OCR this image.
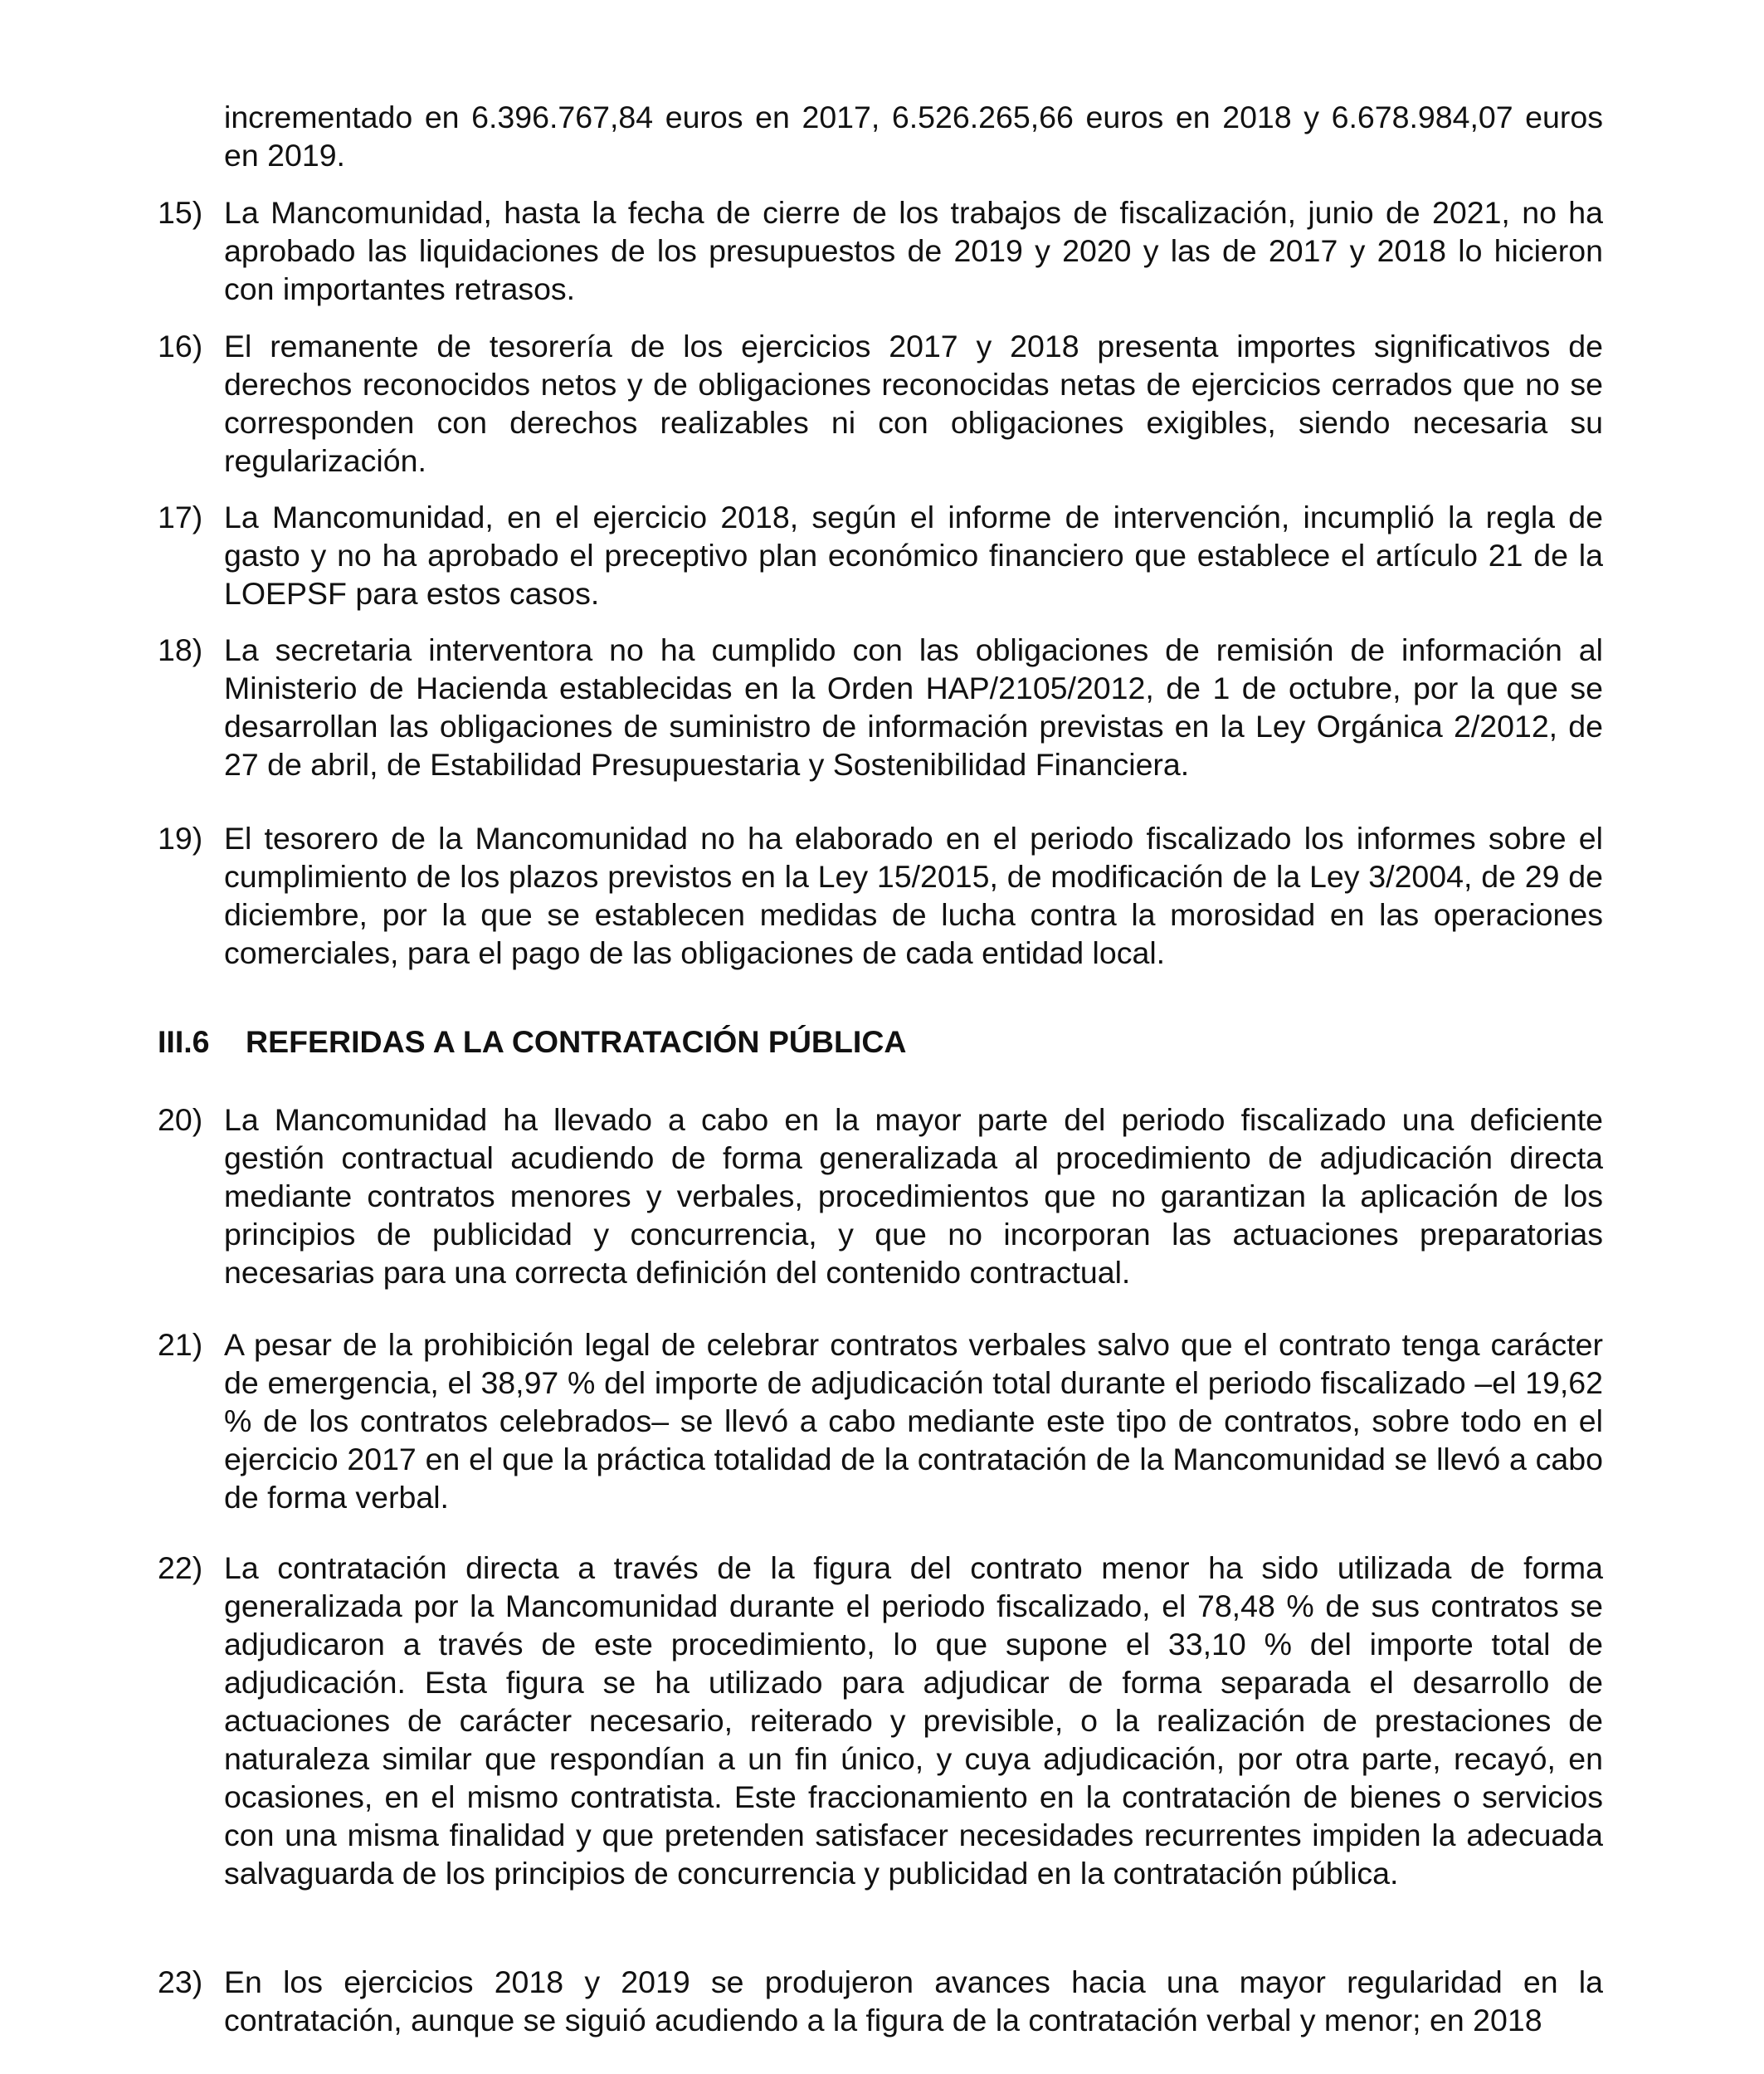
incrementado en 6.396.767,84 euros en 2017, 6.526.265,66 euros en 2018 y 6.678.984,07 euros en 2019.

15) La Mancomunidad, hasta la fecha de cierre de los trabajos de fiscalización, junio de 2021, no ha aprobado las liquidaciones de los presupuestos de 2019 y 2020 y las de 2017 y 2018 lo hicieron con importantes retrasos.

16) El remanente de tesorería de los ejercicios 2017 y 2018 presenta importes significativos de derechos reconocidos netos y de obligaciones reconocidas netas de ejercicios cerrados que no se corresponden con derechos realizables ni con obligaciones exigibles, siendo necesaria su regularización.

17) La Mancomunidad, en el ejercicio 2018, según el informe de intervención, incumplió la regla de gasto y no ha aprobado el preceptivo plan económico financiero que establece el artículo 21 de la LOEPSF para estos casos.

18) La secretaria interventora no ha cumplido con las obligaciones de remisión de información al Ministerio de Hacienda establecidas en la Orden HAP/2105/2012, de 1 de octubre, por la que se desarrollan las obligaciones de suministro de información previstas en la Ley Orgánica 2/2012, de 27 de abril, de Estabilidad Presupuestaria y Sostenibilidad Financiera.

19) El tesorero de la Mancomunidad no ha elaborado en el periodo fiscalizado los informes sobre el cumplimiento de los plazos previstos en la Ley 15/2015, de modificación de la Ley 3/2004, de 29 de diciembre, por la que se establecen medidas de lucha contra la morosidad en las operaciones comerciales, para el pago de las obligaciones de cada entidad local.

III.6 REFERIDAS A LA CONTRATACIÓN PÚBLICA
20) La Mancomunidad ha llevado a cabo en la mayor parte del periodo fiscalizado una deficiente gestión contractual acudiendo de forma generalizada al procedimiento de adjudicación directa mediante contratos menores y verbales, procedimientos que no garantizan la aplicación de los principios de publicidad y concurrencia, y que no incorporan las actuaciones preparatorias necesarias para una correcta definición del contenido contractual.

21) A pesar de la prohibición legal de celebrar contratos verbales salvo que el contrato tenga carácter de emergencia, el 38,97 % del importe de adjudicación total durante el periodo fiscalizado –el 19,62 % de los contratos celebrados– se llevó a cabo mediante este tipo de contratos, sobre todo en el ejercicio 2017 en el que la práctica totalidad de la contratación de la Mancomunidad se llevó a cabo de forma verbal.

22) La contratación directa a través de la figura del contrato menor ha sido utilizada de forma generalizada por la Mancomunidad durante el periodo fiscalizado, el 78,48 % de sus contratos se adjudicaron a través de este procedimiento, lo que supone el 33,10 % del importe total de adjudicación. Esta figura se ha utilizado para adjudicar de forma separada el desarrollo de actuaciones de carácter necesario, reiterado y previsible, o la realización de prestaciones de naturaleza similar que respondían a un fin único, y cuya adjudicación, por otra parte, recayó, en ocasiones, en el mismo contratista. Este fraccionamiento en la contratación de bienes o servicios con una misma finalidad y que pretenden satisfacer necesidades recurrentes impiden la adecuada salvaguarda de los principios de concurrencia y publicidad en la contratación pública.

23) En los ejercicios 2018 y 2019 se produjeron avances hacia una mayor regularidad en la contratación, aunque se siguió acudiendo a la figura de la contratación verbal y menor; en 2018
